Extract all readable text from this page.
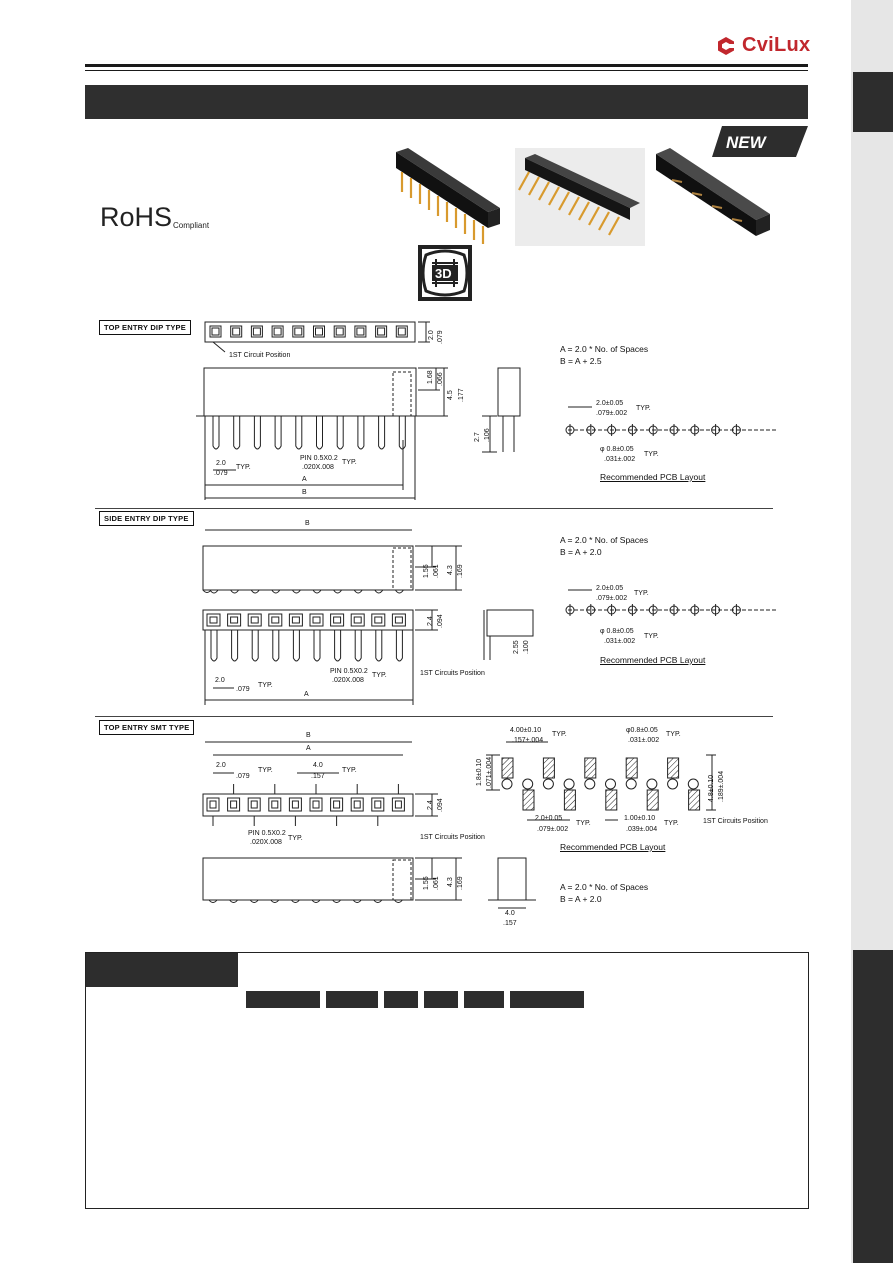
CviLux
NEW
RoHS Compliant
3D
TOP ENTRY DIP TYPE
1ST Circuit Position
2.0 .079
1.68 .066
4.5 .177
2.7 .106
2.0
.079
TYP.
PIN 0.5X0.2
.020X.008
TYP.
A
B
A = 2.0 * No. of Spaces
B = A + 2.5
2.0±0.05
.079±.002
TYP.
φ 0.8±0.05
.031±.002
TYP.
Recommended PCB Layout
SIDE ENTRY DIP TYPE
B
1.55 .061 4.3 .169
2.4 .094
2.55 .100
2.0
.079
TYP.
PIN 0.5X0.2
.020X.008
TYP.	1ST Circuits Position
A
A = 2.0 * No. of Spaces
B = A + 2.0
2.0±0.05
.079±.002
TYP.
φ 0.8±0.05
.031±.002
TYP.
Recommended PCB Layout
TOP ENTRY SMT TYPE
B
A
2.0
.079
TYP.
4.0
.157
TYP.
2.4 .094
PIN 0.5X0.2
.020X.008
TYP.	1ST Circuits Position
4.00±0.10
.157±.004
TYP.
φ0.8±0.05
.031±.002
TYP.
1.8±0.10 .071±.004
4.8±0.10 .189±.004
2.0±0.05
.079±.002
TYP.
1.00±0.10
.039±.004
TYP.	1ST Circuits Position
Recommended PCB Layout
1.55 .061 4.3 .169
4.0
.157
A = 2.0 * No. of Spaces
B = A + 2.0
